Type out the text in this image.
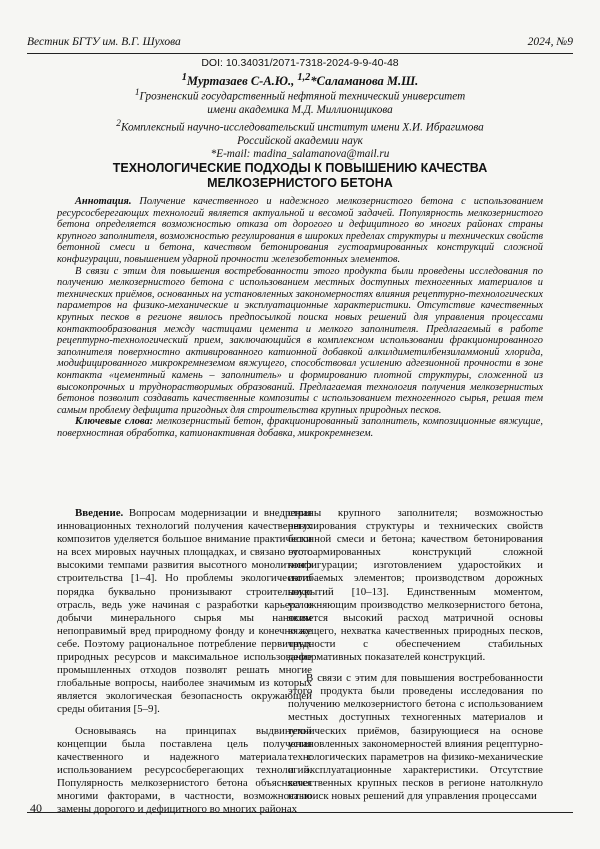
Вестник БГТУ им. В.Г. Шухова	2024, №9
DOI: 10.34031/2071-7318-2024-9-9-40-48
$^1$Муртазаев С-А.Ю., $^{1,2}$*Саламанова М.Ш.
$^1$Грозненский государственный нефтяной технический университет
имени академика М.Д. Миллионщикова
$^2$Комплексный научно-исследовательский институт имени Х.И. Ибрагимова
Российской академии наук
*E-mail: madina_salamanova@mail.ru
ТЕХНОЛОГИЧЕСКИЕ ПОДХОДЫ К ПОВЫШЕНИЮ КАЧЕСТВА
МЕЛКОЗЕРНИСТОГО БЕТОНА

Аннотация. Получение качественного и надежного мелкозернистого бетона с использованием ресурсосберегающих технологий является актуальной и весомой задачей. Популярность мелкозернистого бетона определяется возможностью отказа от дорогого и дефицитного во многих районах страны крупного заполнителя, возможностью регулирования в широких пределах структуры и технических свойств бетонной смеси и бетона, качеством бетонирования густоармированных конструкций сложной конфигурации, повышением ударной прочности железобетонных элементов.

В связи с этим для повышения востребованности этого продукта были проведены исследования по получению мелкозернистого бетона с использованием местных доступных техногенных материалов и технических приёмов, основанных на установленных закономерностях влияния рецептурно-технологических параметров на физико-механические и эксплуатационные характеристики. Отсутствие качественных крупных песков в регионе явилось предпосылкой поиска новых решений для управления процессами контактообразования между частицами цемента и мелкого заполнителя. Предлагаемый в работе рецептурно-технологический прием, заключающийся в комплексном использовании фракционированного заполнителя поверхностно активированного катионной добавкой алкилдиметилбензиламмоний хлорида, модифицированного микрокремнеземом вяжущего, способствовал усилению адгезионной прочности в зоне контакта «цементный камень – заполнитель» и формированию плотной структуры, сложенной из высокопрочных и труднорастворимых образований. Предлагаемая технология получения мелкозернистых бетонов позволит создавать качественные композиты с использованием техногенного сырья, решая тем самым проблему дефицита пригодных для строительства крупных природных песков.

Ключевые слова: мелкозернистый бетон, фракционированный заполнитель, композиционные вяжущие, поверхностная обработка, катионактивная добавка, микрокремнезем.

Введение. Вопросам модернизации и внедрения инновационных технологий получения качественных композитов уделяется большое внимание практически на всех мировых научных площадках, и связано это с высокими темпами развития высотного монолитного строительства [1–4]. Но проблемы экологического порядка буквально пронизывают строительную отрасль, ведь уже начиная с разработки карьера и добычи минерального сырья мы наносим непоправимый вред природному фонду и конечно же себе. Поэтому рациональное потребление первичных природных ресурсов и максимальное использование промышленных отходов позволят решать многие глобальные вопросы, наиболее значимым из которых является экологическая безопасность окружающей среды обитания [5–9].

Основываясь на принципах выдвинутой концепции была поставлена цель получения качественного и надежного материала с использованием ресурсосберегающих технологий. Популярность мелкозернистого бетона объясняется многими факторами, в частности, возможностью замены дорогого и дефицитного во многих районах

страны крупного заполнителя; возможностью регулирования структуры и технических свойств бетонной смеси и бетона; качеством бетонирования густоармированных конструкций сложной конфигурации; изготовлением удароcтойких и изгибаемых элементов; производством дорожных покрытий [10–13]. Единственным моментом, усложняющим производство мелкозернистого бетона, является высокий расход матричной основы вяжущего, нехватка качественных природных песков, трудности с обеспечением стабильных деформативных показателей конструкций.

В связи с этим для повышения востребованности этого продукта были проведены исследования по получению мелкозернистого бетона с использованием местных доступных техногенных материалов и технических приёмов, базирующиеся на основе установленных закономерностей влияния рецептурно-технологических параметров на физико-механические и эксплуатационные характеристики. Отсутствие качественных крупных песков в регионе натолкнуло на поиск новых решений для управления процессами

40
